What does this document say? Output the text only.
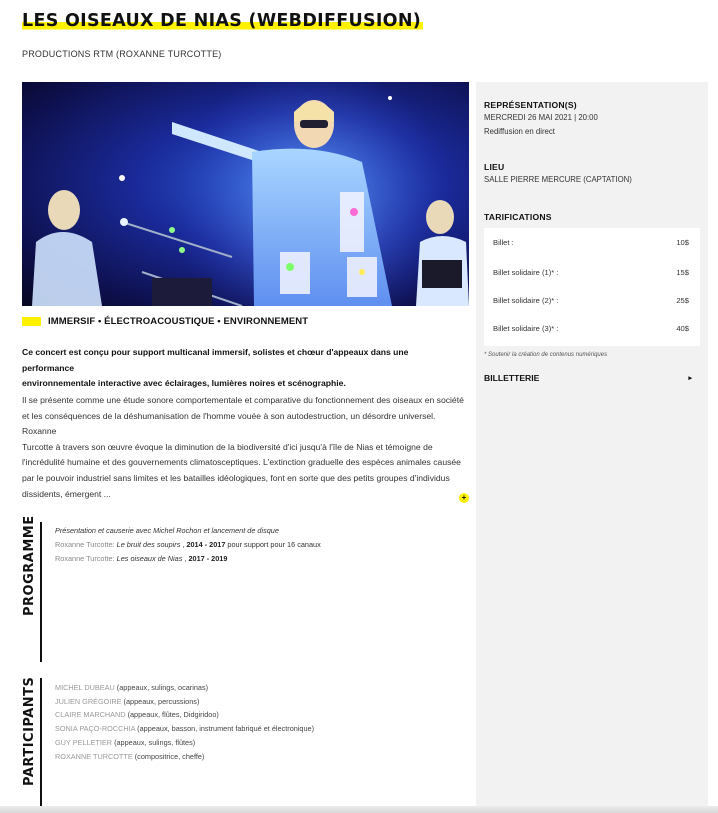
LES OISEAUX DE NIAS (WEBDIFFUSION)
PRODUCTIONS RTM (ROXANNE TURCOTTE)
IMMERSIF • ÉLECTROACOUSTIQUE • ENVIRONNEMENT
Ce concert est conçu pour support multicanal immersif, solistes et chœur d'appeaux dans une performance
environnementale interactive avec éclairages, lumières noires et scénographie.
Il se présente comme une étude sonore comportementale et comparative du fonctionnement des oiseaux en société
et les conséquences de la déshumanisation de l'homme vouée à son autodestruction, un désordre universel. Roxanne
Turcotte à travers son œuvre évoque la diminution de la biodiversité d'ici jusqu'à l'île de Nias et témoigne de
l'incrédulité humaine et des gouvernements climatosceptiques. L'extinction graduelle des espèces animales causée
par le pouvoir industriel sans limites et les batailles idéologiques, font en sorte que des petits groupes d'individus
dissidents, émergent ...	+
PROGRAMME Présentation et causerie avec Michel Rochon et lancement de disque
Roxanne Turcotte: Le bruit des soupirs , 2014 - 2017 pour support pour 16 canaux
Roxanne Turcotte: Les oiseaux de Nias , 2017 - 2019
PARTICIPANTS MICHEL DUBEAU (appeaux, sulings, ocarinas)
JULIEN GRÉGOIRE (appeaux, percussions)
CLAIRE MARCHAND (appeaux, flûtes, Didgiridoo)
SONIA PAÇO-ROCCHIA (appeaux, basson, instrument fabriqué et électronique)
GUY PELLETIER (appeaux, sulings, flûtes)
ROXANNE TURCOTTE (compositrice, cheffe)
REPRÉSENTATION(S)
MERCREDI 26 MAI 2021 | 20:00
Rediffusion en direct
LIEU
SALLE PIERRE MERCURE (CAPTATION)
TARIFICATIONS
Billet :	10$
Billet solidaire (1)* :	15$
Billet solidaire (2)* :	25$
Billet solidaire (3)* :	40$
* Soutenir la création de contenus numériques
BILLETTERIE	▸
